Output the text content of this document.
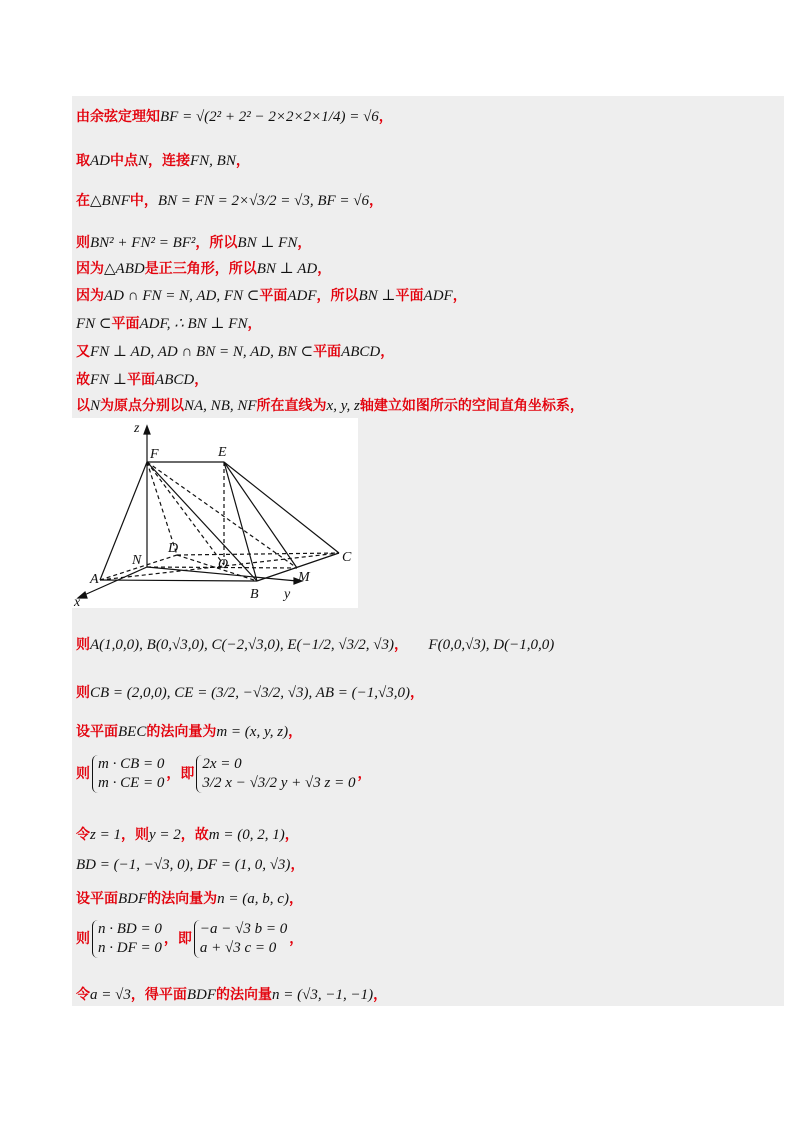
由余弦定理知BF = √(2² + 2² − 2×2×2×1/4) = √6，
取AD中点N，连接FN, BN，
在△BNF中，BN = FN = 2×√3/2 = √3, BF = √6，
则BN² + FN² = BF²，所以BN ⊥ FN，
因为△ABD是正三角形，所以BN ⊥ AD，
因为AD ∩ FN = N, AD, FN ⊂平面ADF，所以BN ⊥平面ADF，
FN ⊂平面ADF, ∴ BN ⊥ FN，
又FN ⊥ AD, AD ∩ BN = N, AD, BN ⊂平面ABCD，
故FN ⊥平面ABCD，
以N为原点分别以NA, NB, NF所在直线为x, y, z轴建立如图所示的空间直角坐标系，
z
F	E
D
N	O	C
A	M
B y
x
则A(1,0,0), B(0,√3,0), C(−2,√3,0), E(−1/2, √3/2, √3)， F(0,0,√3), D(−1,0,0)
则CB = (2,0,0), CE = (3/2, −√3/2, √3), AB = (−1,√3,0)，
设平面BEC的法向量为m = (x, y, z)，
则
m · CB = 0
m · CE = 0
，即
2x = 0
3/2 x − √3/2 y + √3 z = 0
，
令z = 1，则y = 2，故m = (0, 2, 1)，
BD = (−1, −√3, 0), DF = (1, 0, √3)，
设平面BDF的法向量为n = (a, b, c)，
则
n · BD = 0
n · DF = 0
，即
−a − √3 b = 0
a + √3 c = 0
，
令a = √3，得平面BDF的法向量n = (√3, −1, −1)，
